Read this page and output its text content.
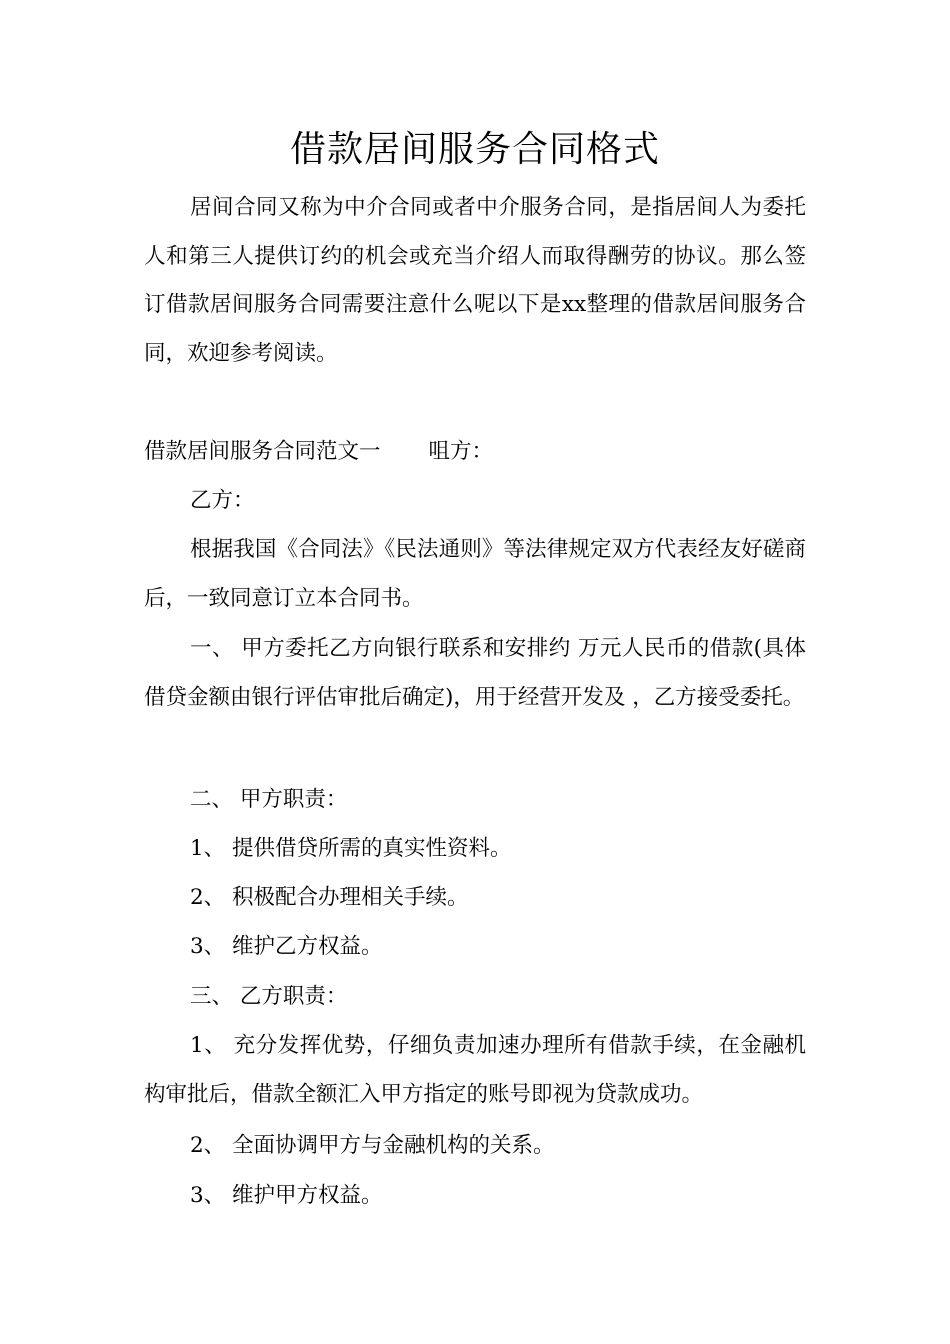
借款居间服务合同格式

居间合同又称为中介合同或者中介服务合同，是指居间人为委托人和第三人提供订约的机会或充当介绍人而取得酬劳的协议。那么签订借款居间服务合同需要注意什么呢以下是xx整理的借款居间服务合同，欢迎参考阅读。

借款居间服务合同范文一 咀方：
乙方：

根据我国《合同法》《民法通则》等法律规定双方代表经友好磋商后，一致同意订立本合同书。

一、 甲方委托乙方向银行联系和安排约 万元人民币的借款(具体借贷金额由银行评估审批后确定)，用于经营开发及 ，乙方接受委托。

二、 甲方职责：
1、 提供借贷所需的真实性资料。
2、 积极配合办理相关手续。
3、 维护乙方权益。
三、 乙方职责：

1、 充分发挥优势，仔细负责加速办理所有借款手续，在金融机构审批后，借款全额汇入甲方指定的账号即视为贷款成功。

2、 全面协调甲方与金融机构的关系。
3、 维护甲方权益。
